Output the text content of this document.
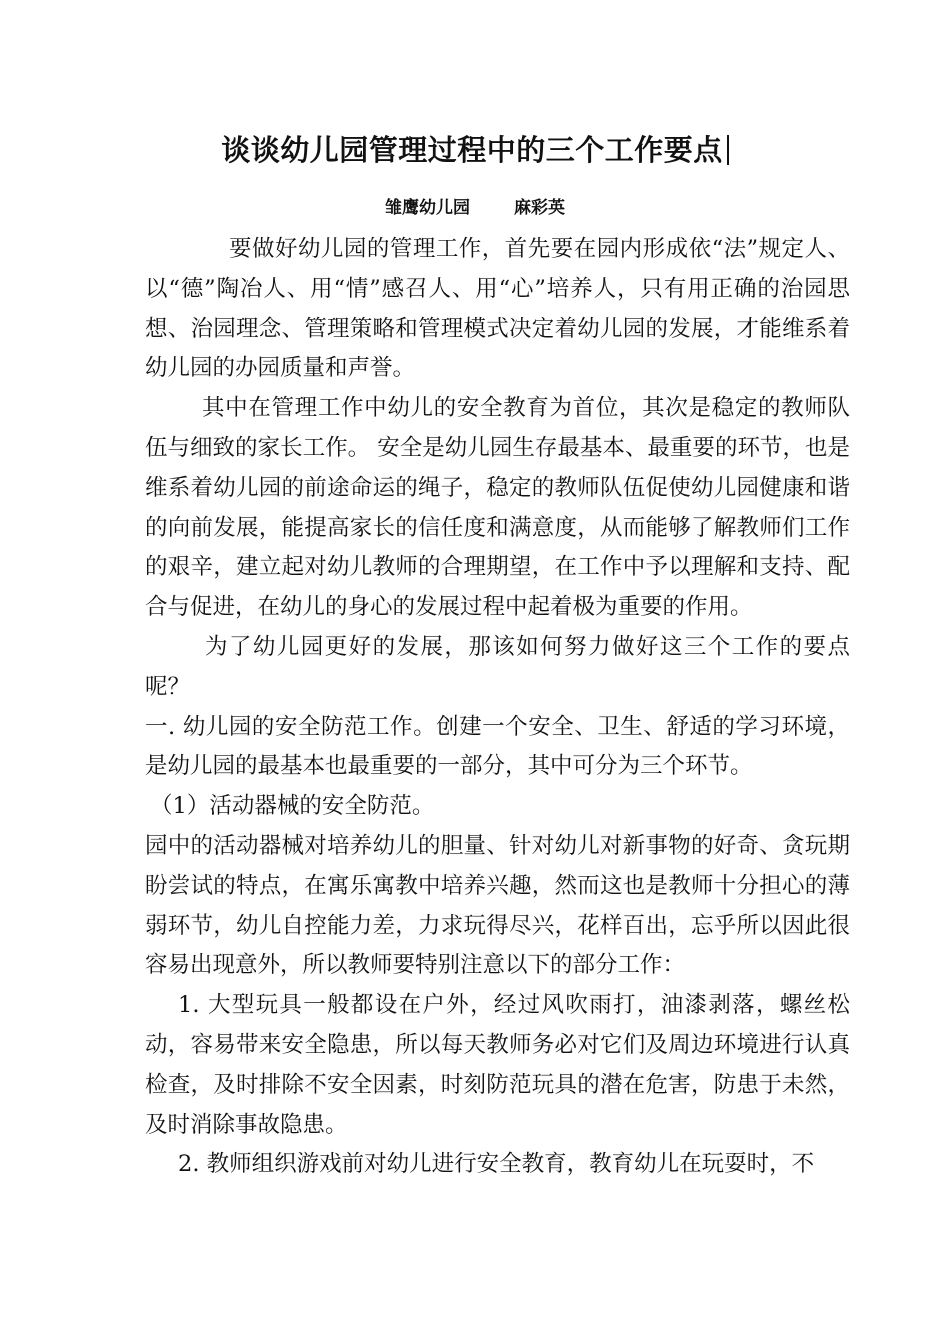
谈谈幼儿园管理过程中的三个工作要点
雏鹰幼儿园	麻彩英

要做好幼儿园的管理工作，首先要在园内形成依“法”规定人、以“德”陶冶人、用“情”感召人、用“心”培养人，只有用正确的治园思想、治园理念、管理策略和管理模式决定着幼儿园的发展，才能维系着幼儿园的办园质量和声誉。

其中在管理工作中幼儿的安全教育为首位，其次是稳定的教师队伍与细致的家长工作。 安全是幼儿园生存最基本、最重要的环节，也是维系着幼儿园的前途命运的绳子，稳定的教师队伍促使幼儿园健康和谐的向前发展，能提高家长的信任度和满意度，从而能够了解教师们工作的艰辛，建立起对幼儿教师的合理期望，在工作中予以理解和支持、配合与促进，在幼儿的身心的发展过程中起着极为重要的作用。

为了幼儿园更好的发展，那该如何努力做好这三个工作的要点呢？

一. 幼儿园的安全防范工作。创建一个安全、卫生、舒适的学习环境，是幼儿园的最基本也最重要的一部分，其中可分为三个环节。

（1）活动器械的安全防范。

园中的活动器械对培养幼儿的胆量、针对幼儿对新事物的好奇、贪玩期盼尝试的特点，在寓乐寓教中培养兴趣，然而这也是教师十分担心的薄弱环节，幼儿自控能力差，力求玩得尽兴，花样百出，忘乎所以因此很容易出现意外，所以教师要特别注意以下的部分工作：

1. 大型玩具一般都设在户外，经过风吹雨打，油漆剥落，螺丝松动，容易带来安全隐患，所以每天教师务必对它们及周边环境进行认真检查，及时排除不安全因素，时刻防范玩具的潜在危害，防患于未然，及时消除事故隐患。

2. 教师组织游戏前对幼儿进行安全教育，教育幼儿在玩耍时，不
